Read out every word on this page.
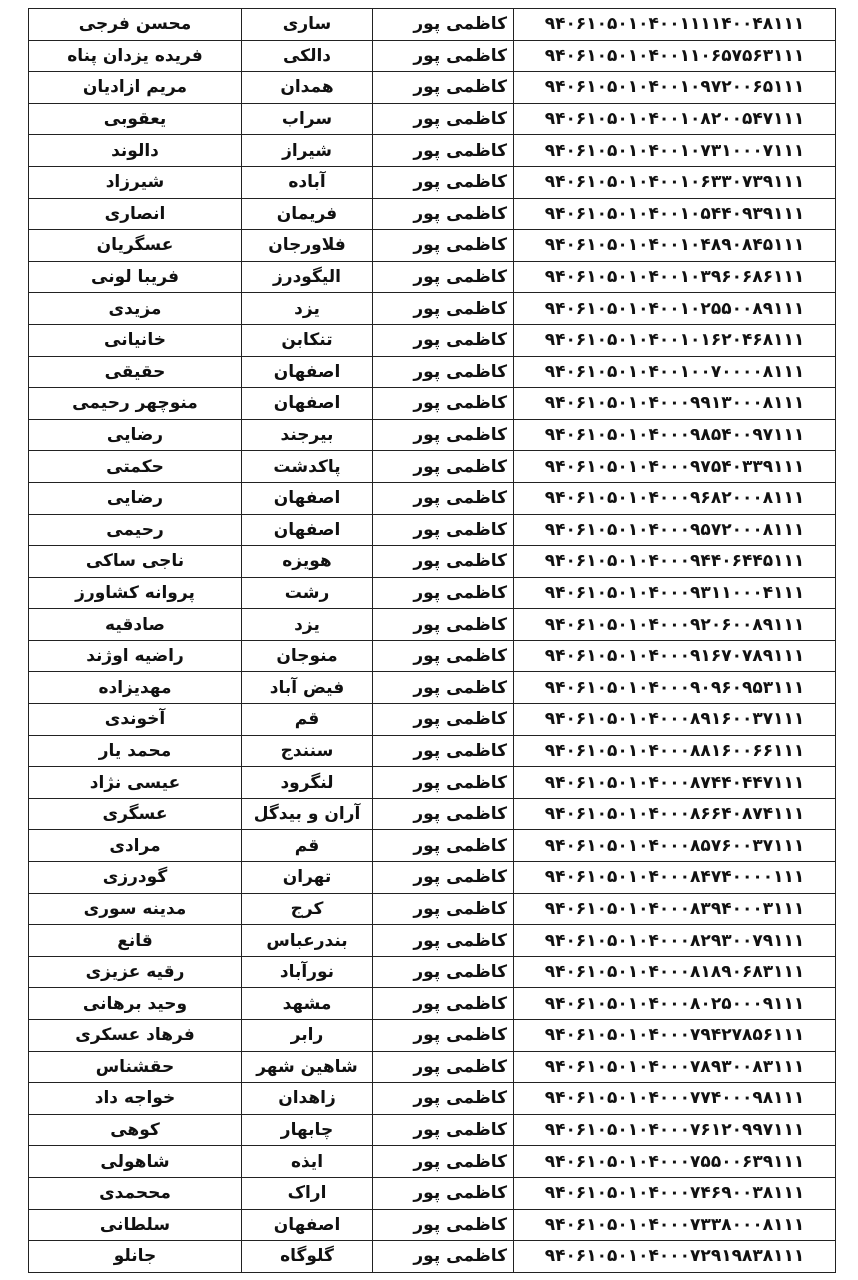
محسن فرجی	ساری	کاظمی پور	۹۴۰۶۱۰۵۰۱۰۴۰۰۱۱۱۱۴۰۰۴۸۱۱۱
فریده یزدان پناه	دالکی	کاظمی پور	۹۴۰۶۱۰۵۰۱۰۴۰۰۱۱۰۶۵۷۵۶۳۱۱۱
مریم ازادیان	همدان	کاظمی پور	۹۴۰۶۱۰۵۰۱۰۴۰۰۱۰۹۷۲۰۰۶۵۱۱۱
یعقوبی	سراب	کاظمی پور	۹۴۰۶۱۰۵۰۱۰۴۰۰۱۰۸۲۰۰۵۴۷۱۱۱
دالوند	شیراز	کاظمی پور	۹۴۰۶۱۰۵۰۱۰۴۰۰۱۰۷۳۱۰۰۰۷۱۱۱
شیرزاد	آباده	کاظمی پور	۹۴۰۶۱۰۵۰۱۰۴۰۰۱۰۶۳۳۰۷۳۹۱۱۱
انصاری	فریمان	کاظمی پور	۹۴۰۶۱۰۵۰۱۰۴۰۰۱۰۵۴۴۰۹۳۹۱۱۱
عسگریان	فلاورجان	کاظمی پور	۹۴۰۶۱۰۵۰۱۰۴۰۰۱۰۴۸۹۰۸۴۵۱۱۱
فریبا لونی	الیگودرز	کاظمی پور	۹۴۰۶۱۰۵۰۱۰۴۰۰۱۰۳۹۶۰۶۸۶۱۱۱
مزیدی	یزد	کاظمی پور	۹۴۰۶۱۰۵۰۱۰۴۰۰۱۰۲۵۵۰۰۸۹۱۱۱
خانیانی	تنکابن	کاظمی پور	۹۴۰۶۱۰۵۰۱۰۴۰۰۱۰۱۶۲۰۴۶۸۱۱۱
حقیقی	اصفهان	کاظمی پور	۹۴۰۶۱۰۵۰۱۰۴۰۰۱۰۰۷۰۰۰۰۸۱۱۱
منوچهر رحیمی	اصفهان	کاظمی پور	۹۴۰۶۱۰۵۰۱۰۴۰۰۰۹۹۱۳۰۰۰۸۱۱۱
رضایی	بیرجند	کاظمی پور	۹۴۰۶۱۰۵۰۱۰۴۰۰۰۹۸۵۴۰۰۹۷۱۱۱
حکمتی	پاکدشت	کاظمی پور	۹۴۰۶۱۰۵۰۱۰۴۰۰۰۹۷۵۴۰۳۳۹۱۱۱
رضایی	اصفهان	کاظمی پور	۹۴۰۶۱۰۵۰۱۰۴۰۰۰۹۶۸۲۰۰۰۸۱۱۱
رحیمی	اصفهان	کاظمی پور	۹۴۰۶۱۰۵۰۱۰۴۰۰۰۹۵۷۲۰۰۰۸۱۱۱
ناجی ساکی	هویزه	کاظمی پور	۹۴۰۶۱۰۵۰۱۰۴۰۰۰۹۴۴۰۶۴۴۵۱۱۱
پروانه کشاورز	رشت	کاظمی پور	۹۴۰۶۱۰۵۰۱۰۴۰۰۰۹۳۱۱۰۰۰۴۱۱۱
صادقیه	یزد	کاظمی پور	۹۴۰۶۱۰۵۰۱۰۴۰۰۰۹۲۰۶۰۰۸۹۱۱۱
راضیه اوژند	منوجان	کاظمی پور	۹۴۰۶۱۰۵۰۱۰۴۰۰۰۹۱۶۷۰۷۸۹۱۱۱
مهدیزاده	فیض آباد	کاظمی پور	۹۴۰۶۱۰۵۰۱۰۴۰۰۰۹۰۹۶۰۹۵۳۱۱۱
آخوندی	قم	کاظمی پور	۹۴۰۶۱۰۵۰۱۰۴۰۰۰۸۹۱۶۰۰۳۷۱۱۱
محمد یار	سنندج	کاظمی پور	۹۴۰۶۱۰۵۰۱۰۴۰۰۰۸۸۱۶۰۰۶۶۱۱۱
عیسی نژاد	لنگرود	کاظمی پور	۹۴۰۶۱۰۵۰۱۰۴۰۰۰۸۷۴۴۰۴۴۷۱۱۱
عسگری	آران و بیدگل	کاظمی پور	۹۴۰۶۱۰۵۰۱۰۴۰۰۰۸۶۶۴۰۸۷۴۱۱۱
مرادی	قم	کاظمی پور	۹۴۰۶۱۰۵۰۱۰۴۰۰۰۸۵۷۶۰۰۳۷۱۱۱
گودرزی	تهران	کاظمی پور	۹۴۰۶۱۰۵۰۱۰۴۰۰۰۸۴۷۴۰۰۰۰۱۱۱
مدینه سوری	کرج	کاظمی پور	۹۴۰۶۱۰۵۰۱۰۴۰۰۰۸۳۹۴۰۰۰۳۱۱۱
قانع	بندرعباس	کاظمی پور	۹۴۰۶۱۰۵۰۱۰۴۰۰۰۸۲۹۳۰۰۷۹۱۱۱
رقیه عزیزی	نورآباد	کاظمی پور	۹۴۰۶۱۰۵۰۱۰۴۰۰۰۸۱۸۹۰۶۸۳۱۱۱
وحید برهانی	مشهد	کاظمی پور	۹۴۰۶۱۰۵۰۱۰۴۰۰۰۸۰۲۵۰۰۰۹۱۱۱
فرهاد عسکری	رابر	کاظمی پور	۹۴۰۶۱۰۵۰۱۰۴۰۰۰۷۹۴۲۷۸۵۶۱۱۱
حقشناس	شاهین شهر	کاظمی پور	۹۴۰۶۱۰۵۰۱۰۴۰۰۰۷۸۹۳۰۰۸۳۱۱۱
خواجه داد	زاهدان	کاظمی پور	۹۴۰۶۱۰۵۰۱۰۴۰۰۰۷۷۴۰۰۰۹۸۱۱۱
کوهی	چابهار	کاظمی پور	۹۴۰۶۱۰۵۰۱۰۴۰۰۰۷۶۱۲۰۹۹۷۱۱۱
شاهولی	ایذه	کاظمی پور	۹۴۰۶۱۰۵۰۱۰۴۰۰۰۷۵۵۰۰۶۳۹۱۱۱
مححمدی	اراک	کاظمی پور	۹۴۰۶۱۰۵۰۱۰۴۰۰۰۷۴۶۹۰۰۳۸۱۱۱
سلطانی	اصفهان	کاظمی پور	۹۴۰۶۱۰۵۰۱۰۴۰۰۰۷۳۳۸۰۰۰۸۱۱۱
جانلو	گلوگاه	کاظمی پور	۹۴۰۶۱۰۵۰۱۰۴۰۰۰۷۲۹۱۹۸۳۸۱۱۱
